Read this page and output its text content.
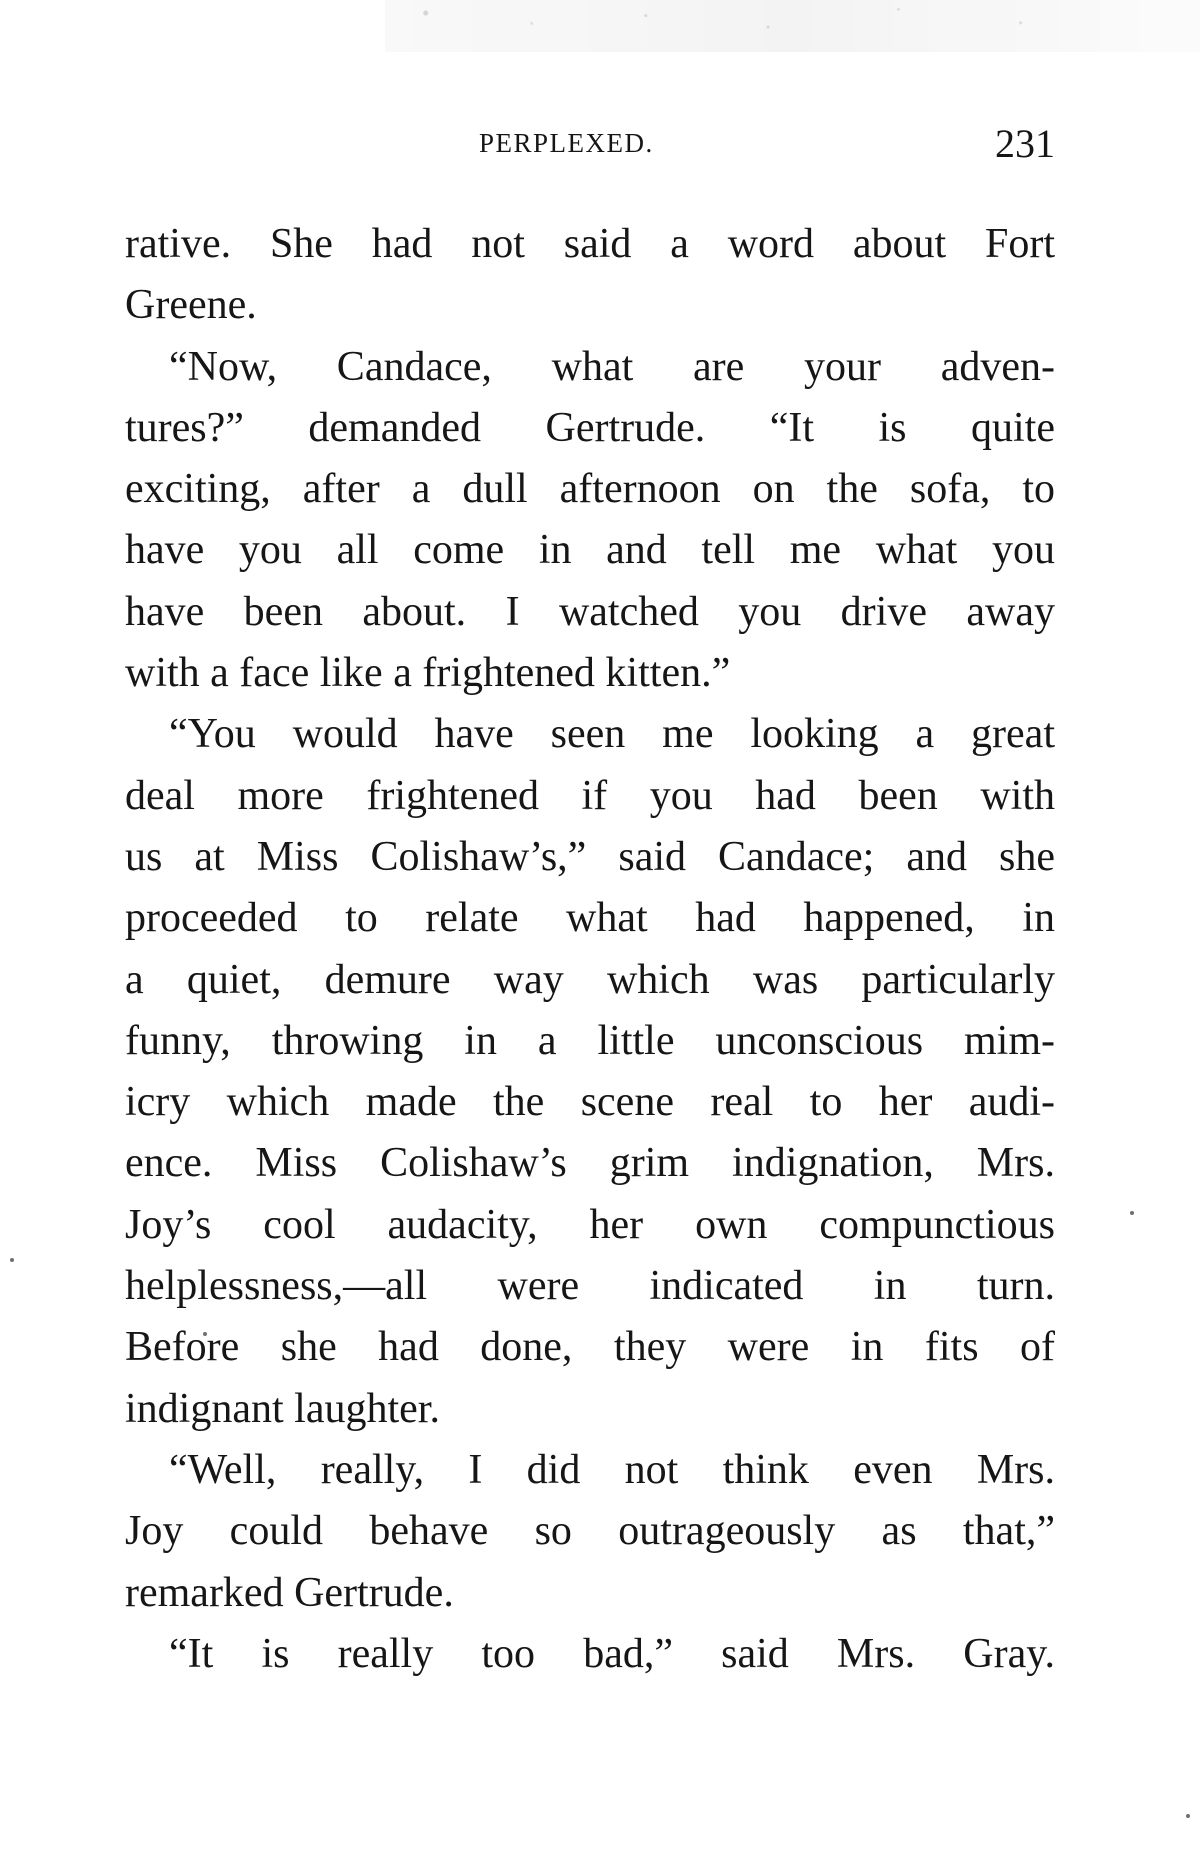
PERPLEXED.	231
rative. She had not said a word about Fort
Greene.
“Now, Candace, what are your adven-
tures?” demanded Gertrude. “It is quite
exciting, after a dull afternoon on the sofa, to
have you all come in and tell me what you
have been about. I watched you drive away
with a face like a frightened kitten.”
“You would have seen me looking a great
deal more frightened if you had been with
us at Miss Colishaw’s,” said Candace; and she
proceeded to relate what had happened, in
a quiet, demure way which was particularly
funny, throwing in a little unconscious mim-
icry which made the scene real to her audi-
ence. Miss Colishaw’s grim indignation, Mrs.
Joy’s cool audacity, her own compunctious
helplessness,—all were indicated in turn.
Before she had done, they were in fits of
indignant laughter.
“Well, really, I did not think even Mrs.
Joy could behave so outrageously as that,”
remarked Gertrude.
“It is really too bad,” said Mrs. Gray.
